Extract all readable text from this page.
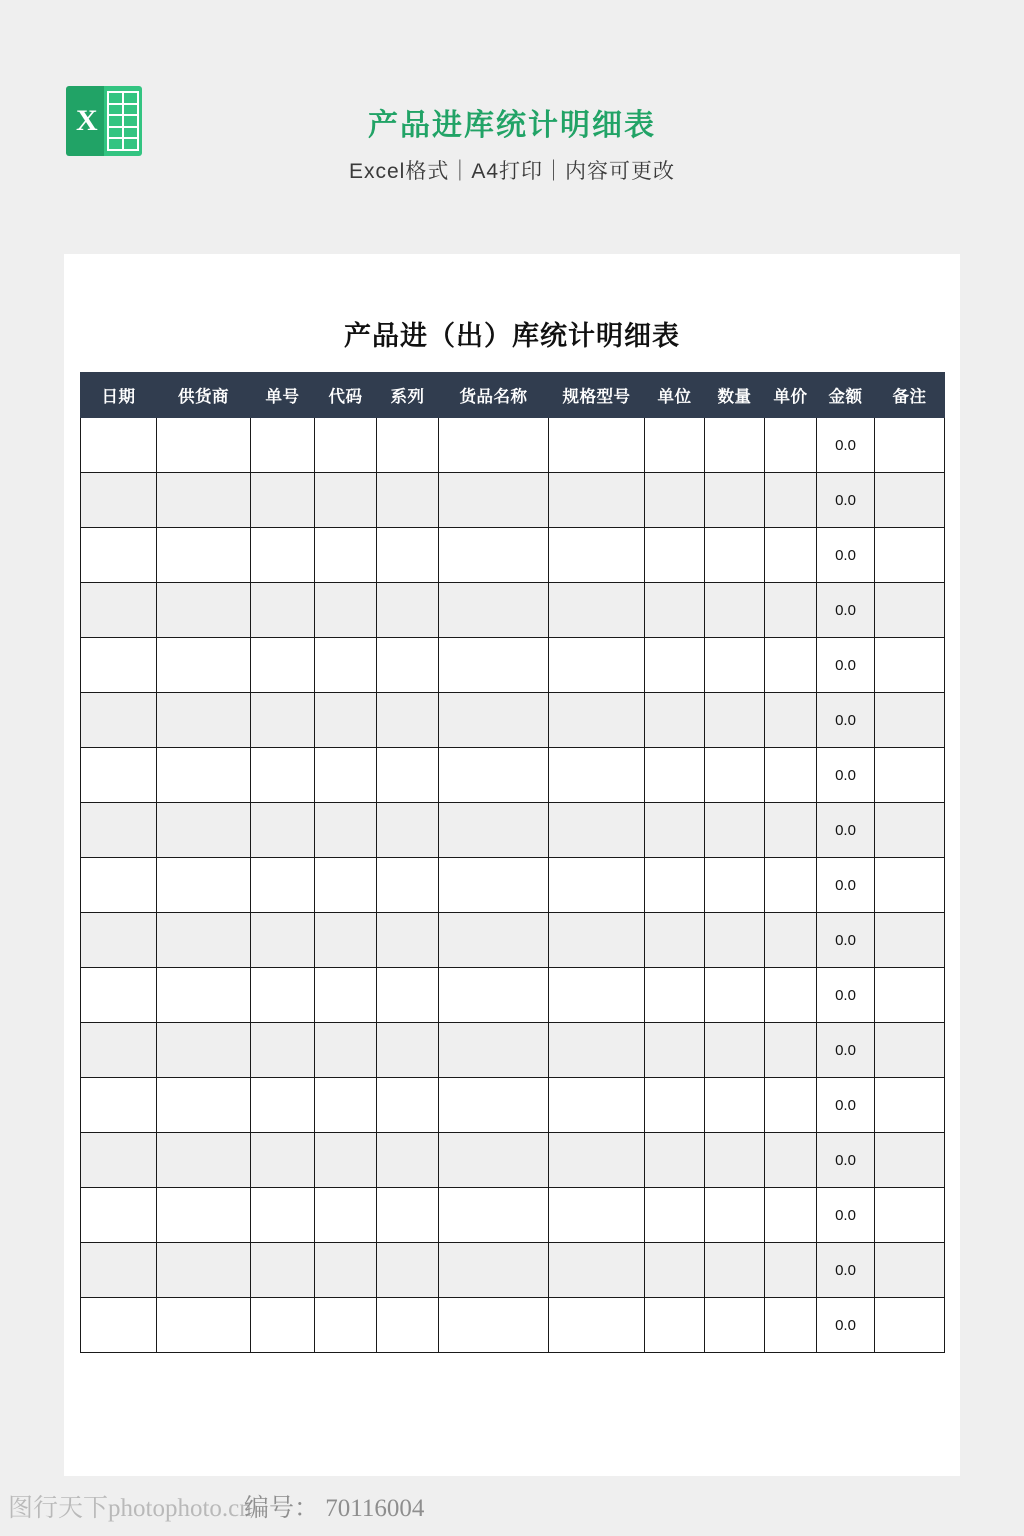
X	产品进库统计明细表
Excel格式｜A4打印｜内容可更改
产品进（出）库统计明细表
日期	供货商	单号	代码	系列	货品名称	规格型号	单位	数量	单价	金额	备注
										0.0	
										0.0	
										0.0	
										0.0	
										0.0	
										0.0	
										0.0	
										0.0	
										0.0	
										0.0	
										0.0	
										0.0	
										0.0	
										0.0	
										0.0	
										0.0	
										0.0	
图行天下photophoto.cn
编号： 70116004
